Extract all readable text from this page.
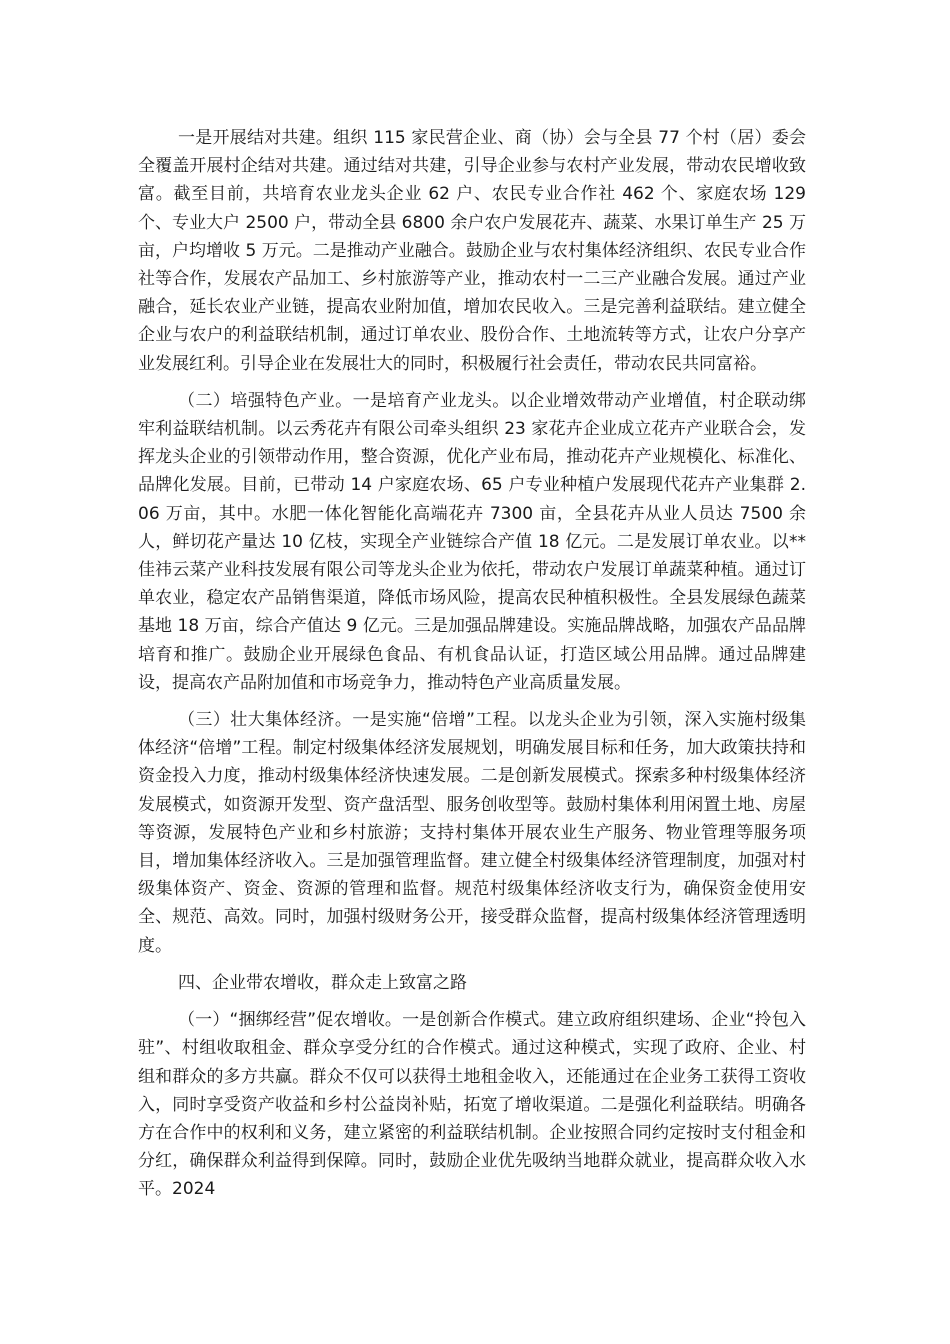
一是开展结对共建。组织 115 家民营企业、商（协）会与全县 77 个村（居）委会全覆盖开展村企结对共建。通过结对共建，引导企业参与农村产业发展，带动农民增收致富。截至目前，共培育农业龙头企业 62 户、农民专业合作社 462 个、家庭农场 129 个、专业大户 2500 户，带动全县 6800 余户农户发展花卉、蔬菜、水果订单生产 25 万亩，户均增收 5 万元。二是推动产业融合。鼓励企业与农村集体经济组织、农民专业合作社等合作，发展农产品加工、乡村旅游等产业，推动农村一二三产业融合发展。通过产业融合，延长农业产业链，提高农业附加值，增加农民收入。三是完善利益联结。建立健全企业与农户的利益联结机制，通过订单农业、股份合作、土地流转等方式，让农户分享产业发展红利。引导企业在发展壮大的同时，积极履行社会责任，带动农民共同富裕。

（二）培强特色产业。一是培育产业龙头。以企业增效带动产业增值，村企联动绑牢利益联结机制。以云秀花卉有限公司牵头组织 23 家花卉企业成立花卉产业联合会，发挥龙头企业的引领带动作用，整合资源，优化产业布局，推动花卉产业规模化、标准化、品牌化发展。目前，已带动 14 户家庭农场、65 户专业种植户发展现代花卉产业集群 2.06 万亩，其中。水肥一体化智能化高端花卉 7300 亩，全县花卉从业人员达 7500 余人，鲜切花产量达 10 亿枝，实现全产业链综合产值 18 亿元。二是发展订单农业。以**佳祎云菜产业科技发展有限公司等龙头企业为依托，带动农户发展订单蔬菜种植。通过订单农业，稳定农产品销售渠道，降低市场风险，提高农民种植积极性。全县发展绿色蔬菜基地 18 万亩，综合产值达 9 亿元。三是加强品牌建设。实施品牌战略，加强农产品品牌培育和推广。鼓励企业开展绿色食品、有机食品认证，打造区域公用品牌。通过品牌建设，提高农产品附加值和市场竞争力，推动特色产业高质量发展。

（三）壮大集体经济。一是实施“倍增”工程。以龙头企业为引领，深入实施村级集体经济“倍增”工程。制定村级集体经济发展规划，明确发展目标和任务，加大政策扶持和资金投入力度，推动村级集体经济快速发展。二是创新发展模式。探索多种村级集体经济发展模式，如资源开发型、资产盘活型、服务创收型等。鼓励村集体利用闲置土地、房屋等资源，发展特色产业和乡村旅游；支持村集体开展农业生产服务、物业管理等服务项目，增加集体经济收入。三是加强管理监督。建立健全村级集体经济管理制度，加强对村级集体资产、资金、资源的管理和监督。规范村级集体经济收支行为，确保资金使用安全、规范、高效。同时，加强村级财务公开，接受群众监督，提高村级集体经济管理透明度。

四、企业带农增收，群众走上致富之路

（一）“捆绑经营”促农增收。一是创新合作模式。建立政府组织建场、企业“拎包入驻”、村组收取租金、群众享受分红的合作模式。通过这种模式，实现了政府、企业、村组和群众的多方共赢。群众不仅可以获得土地租金收入，还能通过在企业务工获得工资收入，同时享受资产收益和乡村公益岗补贴，拓宽了增收渠道。二是强化利益联结。明确各方在合作中的权利和义务，建立紧密的利益联结机制。企业按照合同约定按时支付租金和分红，确保群众利益得到保障。同时，鼓励企业优先吸纳当地群众就业，提高群众收入水平。2024
